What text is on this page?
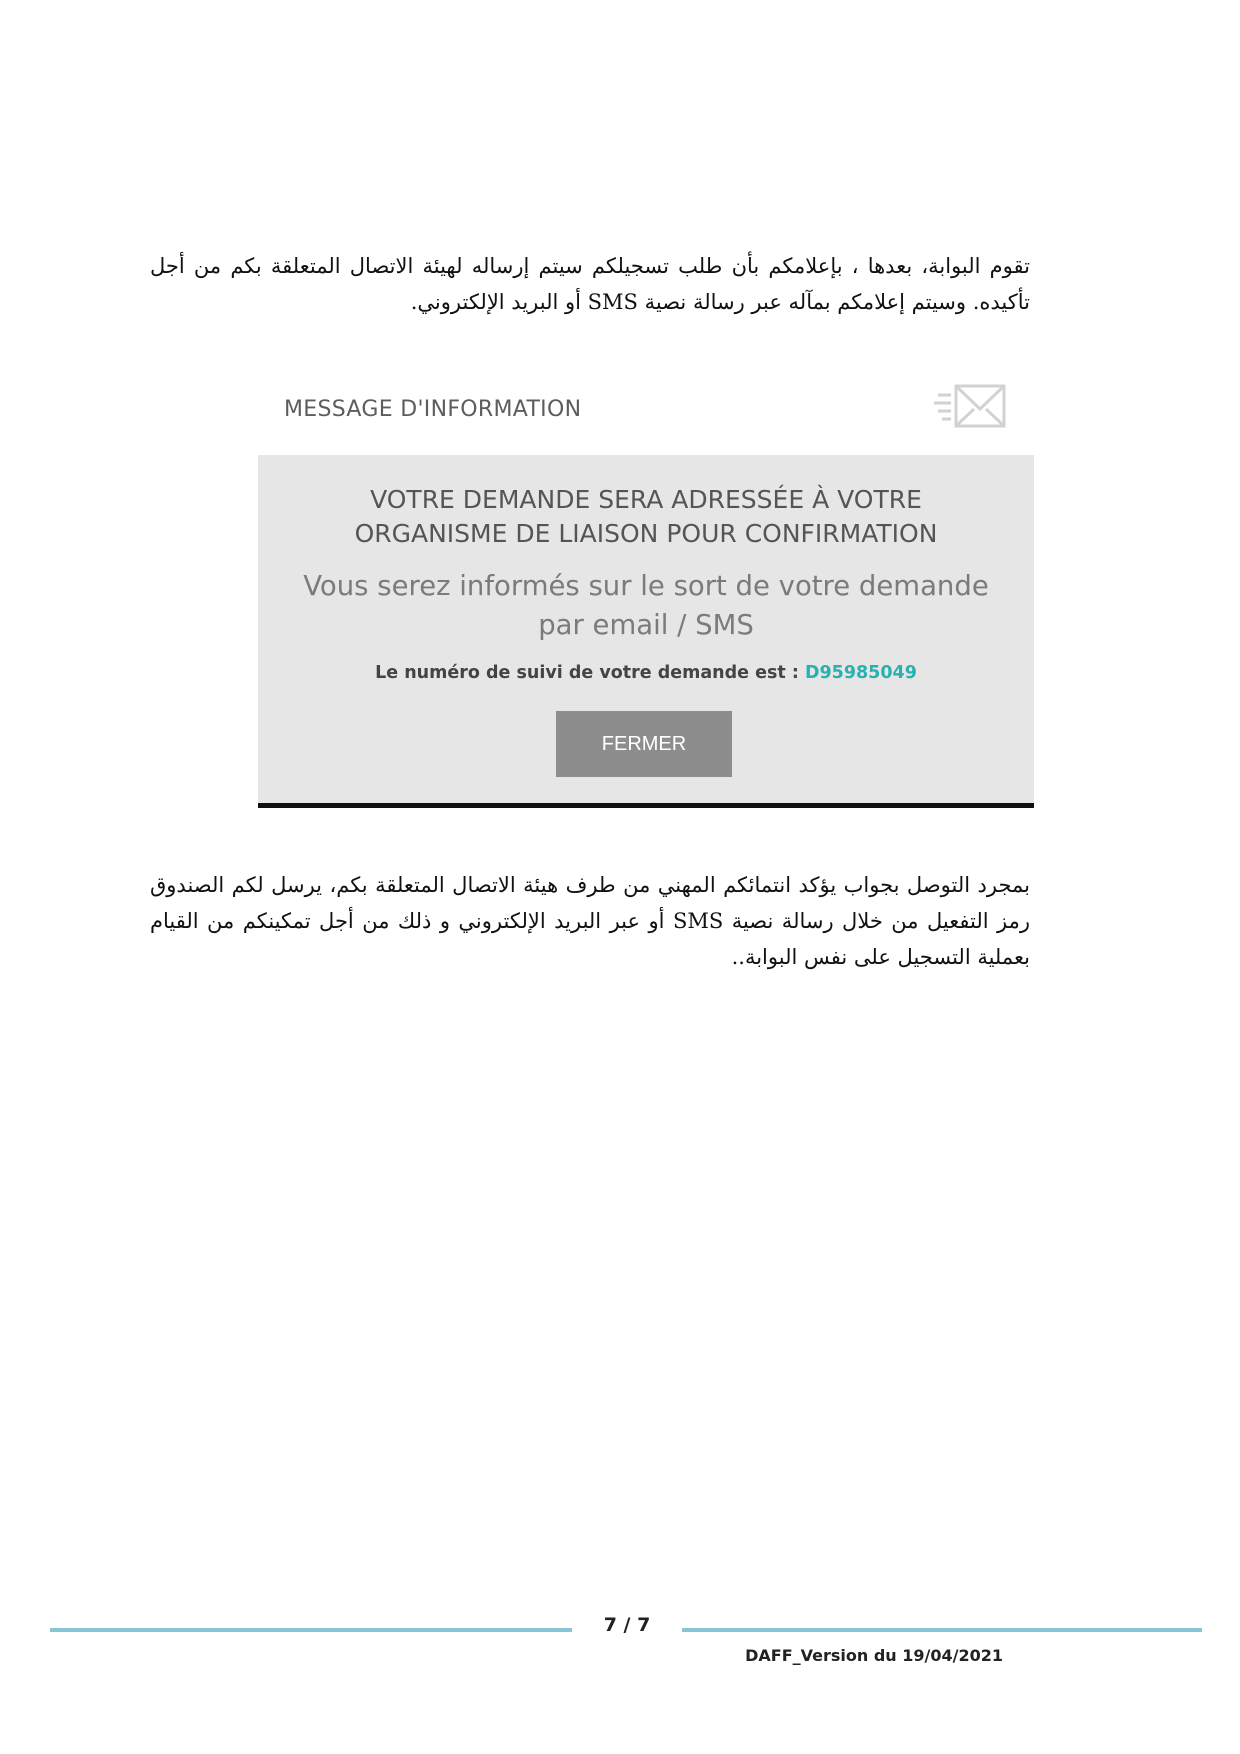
تقوم البوابة، بعدها ، بإعلامكم بأن طلب تسجيلكم سيتم إرساله لهيئة الاتصال المتعلقة بكم من أجل تأكيده. وسيتم إعلامكم بمآله عبر رسالة نصية SMS أو البريد الإلكتروني.
MESSAGE D'INFORMATION
VOTRE DEMANDE SERA ADRESSÉE À VOTRE
ORGANISME DE LIAISON POUR CONFIRMATION
Vous serez informés sur le sort de votre demande
par email / SMS
Le numéro de suivi de votre demande est : D95985049
FERMER
بمجرد التوصل بجواب يؤكد انتمائكم المهني من طرف هيئة الاتصال المتعلقة بكم، يرسل لكم الصندوق رمز التفعيل من خلال رسالة نصية SMS أو عبر البريد الإلكتروني و ذلك من أجل تمكينكم من القيام بعملية التسجيل على نفس البوابة..
7 / 7
DAFF_Version du 19/04/2021
